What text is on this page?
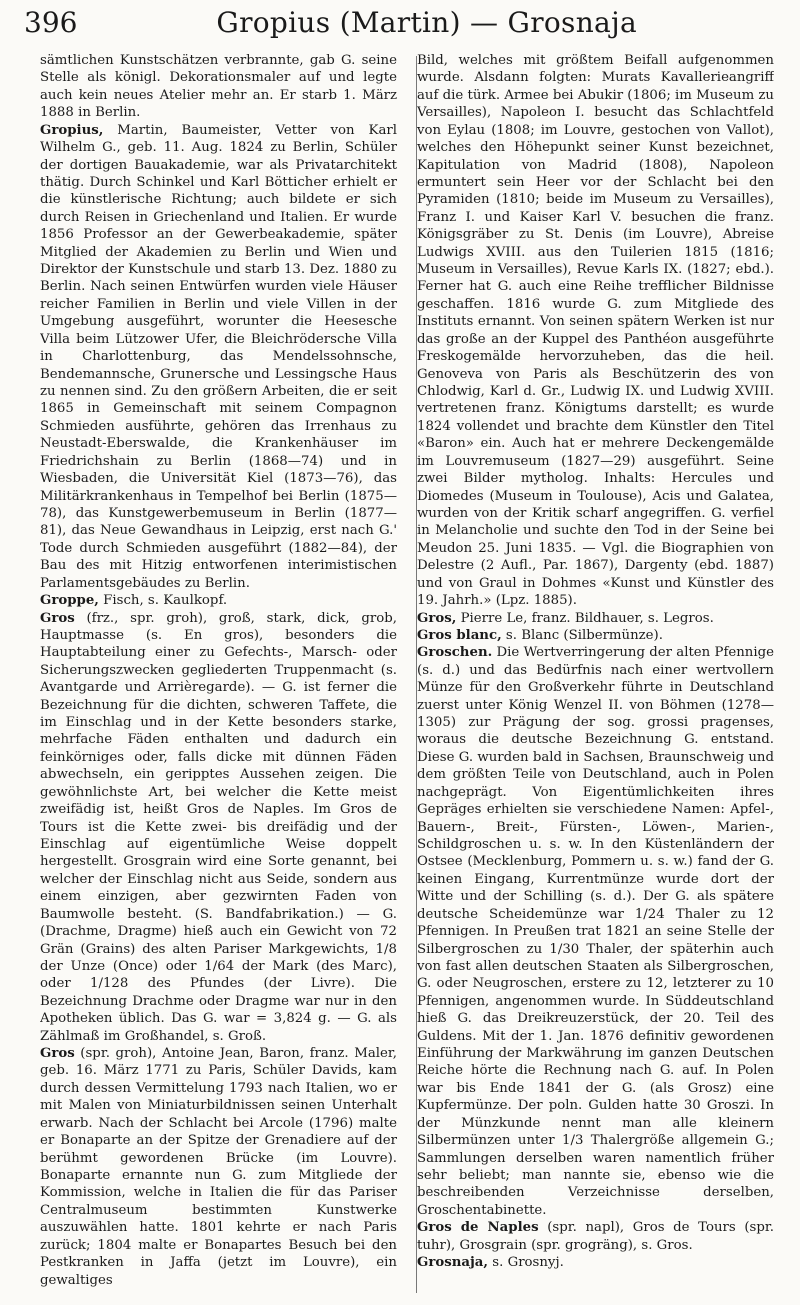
396	Gropius (Martin) — Grosnaja

sämtlichen Kunstschätzen verbrannte, gab G. seine Stelle als königl. Dekorationsmaler auf und legte auch kein neues Atelier mehr an. Er starb 1. März 1888 in Berlin.

Gropius, Martin, Baumeister, Vetter von Karl Wilhelm G., geb. 11. Aug. 1824 zu Berlin, Schüler der dortigen Bauakademie, war als Privatarchitekt thätig. Durch Schinkel und Karl Bötticher erhielt er die künstlerische Richtung; auch bildete er sich durch Reisen in Griechenland und Italien. Er wurde 1856 Professor an der Gewerbeakademie, später Mitglied der Akademien zu Berlin und Wien und Direktor der Kunstschule und starb 13. Dez. 1880 zu Berlin. Nach seinen Entwürfen wurden viele Häuser reicher Familien in Berlin und viele Villen in der Umgebung ausgeführt, worunter die Heesesche Villa beim Lützower Ufer, die Bleichrödersche Villa in Charlottenburg, das Mendelssohnsche, Bendemannsche, Grunersche und Lessingsche Haus zu nennen sind. Zu den größern Arbeiten, die er seit 1865 in Gemeinschaft mit seinem Compagnon Schmieden ausführte, gehören das Irrenhaus zu Neustadt-Eberswalde, die Krankenhäuser im Friedrichshain zu Berlin (1868—74) und in Wiesbaden, die Universität Kiel (1873—76), das Militärkrankenhaus in Tempelhof bei Berlin (1875—78), das Kunstgewerbemuseum in Berlin (1877—81), das Neue Gewandhaus in Leipzig, erst nach G.' Tode durch Schmieden ausgeführt (1882—84), der Bau des mit Hitzig entworfenen interimistischen Parlamentsgebäudes zu Berlin.

Groppe, Fisch, s. Kaulkopf.

Gros (frz., spr. groh), groß, stark, dick, grob, Hauptmasse (s. En gros), besonders die Hauptabteilung einer zu Gefechts-, Marsch- oder Sicherungszwecken gegliederten Truppenmacht (s. Avantgarde und Arrièregarde). — G. ist ferner die Bezeichnung für die dichten, schweren Taffete, die im Einschlag und in der Kette besonders starke, mehrfache Fäden enthalten und dadurch ein feinkörniges oder, falls dicke mit dünnen Fäden abwechseln, ein geripptes Aussehen zeigen. Die gewöhnlichste Art, bei welcher die Kette meist zweifädig ist, heißt Gros de Naples. Im Gros de Tours ist die Kette zwei- bis dreifädig und der Einschlag auf eigentümliche Weise doppelt hergestellt. Grosgrain wird eine Sorte genannt, bei welcher der Einschlag nicht aus Seide, sondern aus einem einzigen, aber gezwirnten Faden von Baumwolle besteht. (S. Bandfabrikation.) — G. (Drachme, Dragme) hieß auch ein Gewicht von 72 Grän (Grains) des alten Pariser Markgewichts, 1/8 der Unze (Once) oder 1/64 der Mark (des Marc), oder 1/128 des Pfundes (der Livre). Die Bezeichnung Drachme oder Dragme war nur in den Apotheken üblich. Das G. war = 3,824 g. — G. als Zählmaß im Großhandel, s. Groß.

Gros (spr. groh), Antoine Jean, Baron, franz. Maler, geb. 16. März 1771 zu Paris, Schüler Davids, kam durch dessen Vermittelung 1793 nach Italien, wo er mit Malen von Miniaturbildnissen seinen Unterhalt erwarb. Nach der Schlacht bei Arcole (1796) malte er Bonaparte an der Spitze der Grenadiere auf der berühmt gewordenen Brücke (im Louvre). Bonaparte ernannte nun G. zum Mitgliede der Kommission, welche in Italien die für das Pariser Centralmuseum bestimmten Kunstwerke auszuwählen hatte. 1801 kehrte er nach Paris zurück; 1804 malte er Bonapartes Besuch bei den Pestkranken in Jaffa (jetzt im Louvre), ein gewaltiges

Bild, welches mit größtem Beifall aufgenommen wurde. Alsdann folgten: Murats Kavallerieangriff auf die türk. Armee bei Abukir (1806; im Museum zu Versailles), Napoleon I. besucht das Schlachtfeld von Eylau (1808; im Louvre, gestochen von Vallot), welches den Höhepunkt seiner Kunst bezeichnet, Kapitulation von Madrid (1808), Napoleon ermuntert sein Heer vor der Schlacht bei den Pyramiden (1810; beide im Museum zu Versailles), Franz I. und Kaiser Karl V. besuchen die franz. Königsgräber zu St. Denis (im Louvre), Abreise Ludwigs XVIII. aus den Tuilerien 1815 (1816; Museum in Versailles), Revue Karls IX. (1827; ebd.). Ferner hat G. auch eine Reihe trefflicher Bildnisse geschaffen. 1816 wurde G. zum Mitgliede des Instituts ernannt. Von seinen spätern Werken ist nur das große an der Kuppel des Panthéon ausgeführte Freskogemälde hervorzuheben, das die heil. Genoveva von Paris als Beschützerin des von Chlodwig, Karl d. Gr., Ludwig IX. und Ludwig XVIII. vertretenen franz. Königtums darstellt; es wurde 1824 vollendet und brachte dem Künstler den Titel «Baron» ein. Auch hat er mehrere Deckengemälde im Louvremuseum (1827—29) ausgeführt. Seine zwei Bilder mytholog. Inhalts: Hercules und Diomedes (Museum in Toulouse), Acis und Galatea, wurden von der Kritik scharf angegriffen. G. verfiel in Melancholie und suchte den Tod in der Seine bei Meudon 25. Juni 1835. — Vgl. die Biographien von Delestre (2 Aufl., Par. 1867), Dargenty (ebd. 1887) und von Graul in Dohmes «Kunst und Künstler des 19. Jahrh.» (Lpz. 1885).

Gros, Pierre Le, franz. Bildhauer, s. Legros.

Gros blanc, s. Blanc (Silbermünze).

Groschen. Die Wertverringerung der alten Pfennige (s. d.) und das Bedürfnis nach einer wertvollern Münze für den Großverkehr führte in Deutschland zuerst unter König Wenzel II. von Böhmen (1278—1305) zur Prägung der sog. grossi pragenses, woraus die deutsche Bezeichnung G. entstand. Diese G. wurden bald in Sachsen, Braunschweig und dem größten Teile von Deutschland, auch in Polen nachgeprägt. Von Eigentümlichkeiten ihres Gepräges erhielten sie verschiedene Namen: Apfel-, Bauern-, Breit-, Fürsten-, Löwen-, Marien-, Schildgroschen u. s. w. In den Küstenländern der Ostsee (Mecklenburg, Pommern u. s. w.) fand der G. keinen Eingang, Kurrentmünze wurde dort der Witte und der Schilling (s. d.). Der G. als spätere deutsche Scheidemünze war 1/24 Thaler zu 12 Pfennigen. In Preußen trat 1821 an seine Stelle der Silbergroschen zu 1/30 Thaler, der späterhin auch von fast allen deutschen Staaten als Silbergroschen, G. oder Neugroschen, erstere zu 12, letzterer zu 10 Pfennigen, angenommen wurde. In Süddeutschland hieß G. das Dreikreuzerstück, der 20. Teil des Guldens. Mit der 1. Jan. 1876 definitiv gewordenen Einführung der Markwährung im ganzen Deutschen Reiche hörte die Rechnung nach G. auf. In Polen war bis Ende 1841 der G. (als Grosz) eine Kupfermünze. Der poln. Gulden hatte 30 Groszi. In der Münzkunde nennt man alle kleinern Silbermünzen unter 1/3 Thalergröße allgemein G.; Sammlungen derselben waren namentlich früher sehr beliebt; man nannte sie, ebenso wie die beschreibenden Verzeichnisse derselben, Groschentabinette.

Gros de Naples (spr. napl), Gros de Tours (spr. tuhr), Grosgrain (spr. grogräng), s. Gros.

Grosnaja, s. Grosnyj.
